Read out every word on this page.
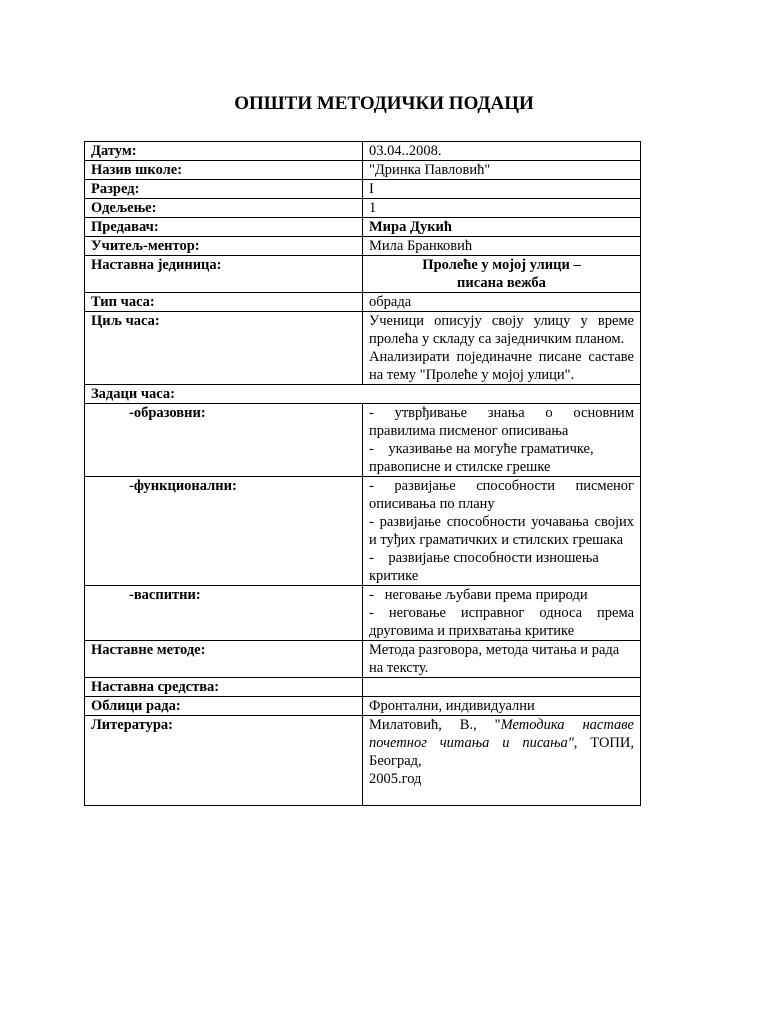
ОПШТИ МЕТОДИЧКИ ПОДАЦИ
Датум:	03.04..2008.
Назив школе:	"Дринка Павловић"
Разред:	I
Одељење:	1
Предавач:	Мира Дукић
Учитељ-ментор:	Мила Бранковић
Наставна јединица:	Пролеће у мојој улици –
писана вежба

Тип часа:	обрада
Циљ часа:	Ученици описују своју улицу у време пролећа у складу са заједничким планом.
Анализирати појединачне писане саставе на тему "Пролеће у мојој улици".

Задаци часа:	
-образовни:	- утврђивање знања о основним правилима писменог описивања
-    указивање на могуће граматичке, правописне и стилске грешке

-функционални:	- развијање способности писменог описивања по плану
- развијање способности уочавања својих и туђих граматичких и стилских грешака
-    развијање способности изношења критике

-васпитни:	-   неговање љубави према природи
- неговање исправног односа према друговима и прихватања критике

Наставне методе:	Метода разговора, метода читања и рада на тексту.
Наставна средства:	
Облици рада:	Фронтални, индивидуални
Литература:	Милатовић, В., "Методика наставе почетног читања и писања", ТОПИ, Београд,
2005.год
